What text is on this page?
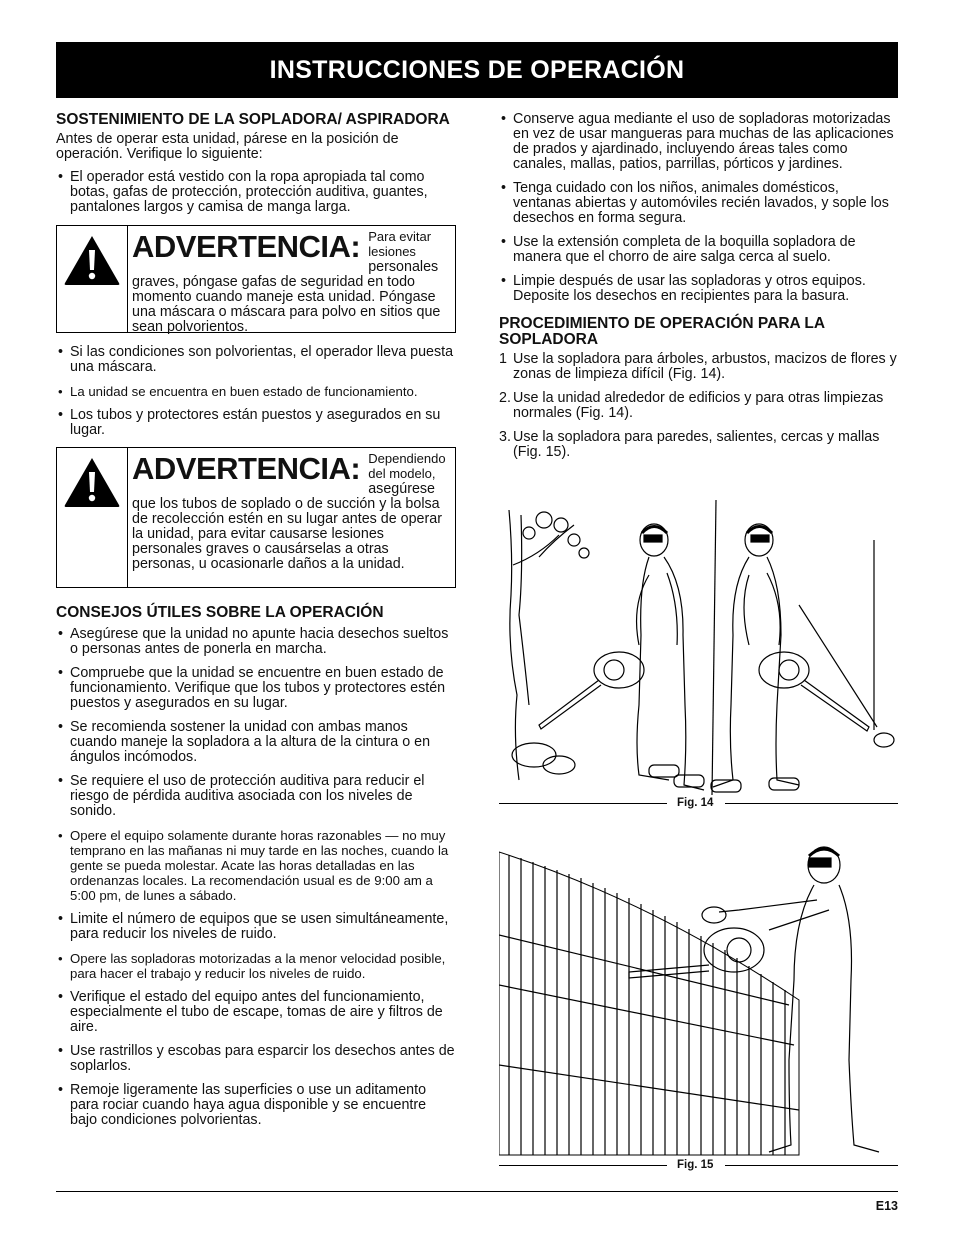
INSTRUCCIONES DE OPERACIÓN
SOSTENIMIENTO DE LA SOPLADORA/ ASPIRADORA

Antes de operar esta unidad, párese en la posición de operación. Verifique lo siguiente:

• El operador está vestido con la ropa apropiada tal como botas, gafas de protección, protección auditiva, guantes, pantalones largos y camisa de manga larga.
ADVERTENCIA: Para evitar lesiones personales graves, póngase gafas de seguridad en todo momento cuando maneje esta unidad. Póngase una máscara o máscara para polvo en sitios que sean polvorientos.
• Si las condiciones son polvorientas, el operador lleva puesta una máscara.
• La unidad se encuentra en buen estado de funcionamiento.
• Los tubos y protectores están puestos y asegurados en su lugar.
ADVERTENCIA: Dependiendo del modelo, asegúrese que los tubos de soplado o de succión y la bolsa de recolección estén en su lugar antes de operar la unidad, para evitar causarse lesiones personales graves o causárselas a otras personas, u ocasionarle daños a la unidad.
CONSEJOS ÚTILES SOBRE LA OPERACIÓN
• Asegúrese que la unidad no apunte hacia desechos sueltos o personas antes de ponerla en marcha.
• Compruebe que la unidad se encuentre en buen estado de funcionamiento. Verifique que los tubos y protectores estén puestos y asegurados en su lugar.
• Se recomienda sostener la unidad con ambas manos cuando maneje la sopladora a la altura de la cintura o en ángulos incómodos.
• Se requiere el uso de protección auditiva para reducir el riesgo de pérdida auditiva asociada con los niveles de sonido.
• Opere el equipo solamente durante horas razonables — no muy temprano en las mañanas ni muy tarde en las noches, cuando la gente se pueda molestar. Acate las horas detalladas en las ordenanzas locales. La recomendación usual es de 9:00 am a 5:00 pm, de lunes a sábado.
• Limite el número de equipos que se usen simultáneamente, para reducir los niveles de ruido.
• Opere las sopladoras motorizadas a la menor velocidad posible, para hacer el trabajo y reducir los niveles de ruido.
• Verifique el estado del equipo antes del funcionamiento, especialmente el tubo de escape, tomas de aire y filtros de aire.
• Use rastrillos y escobas para esparcir los desechos antes de soplarlos.
• Remoje ligeramente las superficies o use un aditamento para rociar cuando haya agua disponible y se encuentre bajo condiciones polvorientas.
• Conserve agua mediante el uso de sopladoras motorizadas en vez de usar mangueras para muchas de las aplicaciones de prados y ajardinado, incluyendo áreas tales como canales, mallas, patios, parrillas, pórticos y jardines.
• Tenga cuidado con los niños, animales domésticos, ventanas abiertas y automóviles recién lavados, y sople los desechos en forma segura.
• Use la extensión completa de la boquilla sopladora de manera que el chorro de aire salga cerca al suelo.
• Limpie después de usar las sopladoras y otros equipos. Deposite los desechos en recipientes para la basura.
PROCEDIMIENTO DE OPERACIÓN PARA LA SOPLADORA
1 Use la sopladora para árboles, arbustos, macizos de flores y zonas de limpieza difícil (Fig. 14).
2. Use la unidad alrededor de edificios y para otras limpiezas normales (Fig. 14).
3. Use la sopladora para paredes, salientes, cercas y mallas (Fig. 15).
Fig. 14
Fig. 15
E13
